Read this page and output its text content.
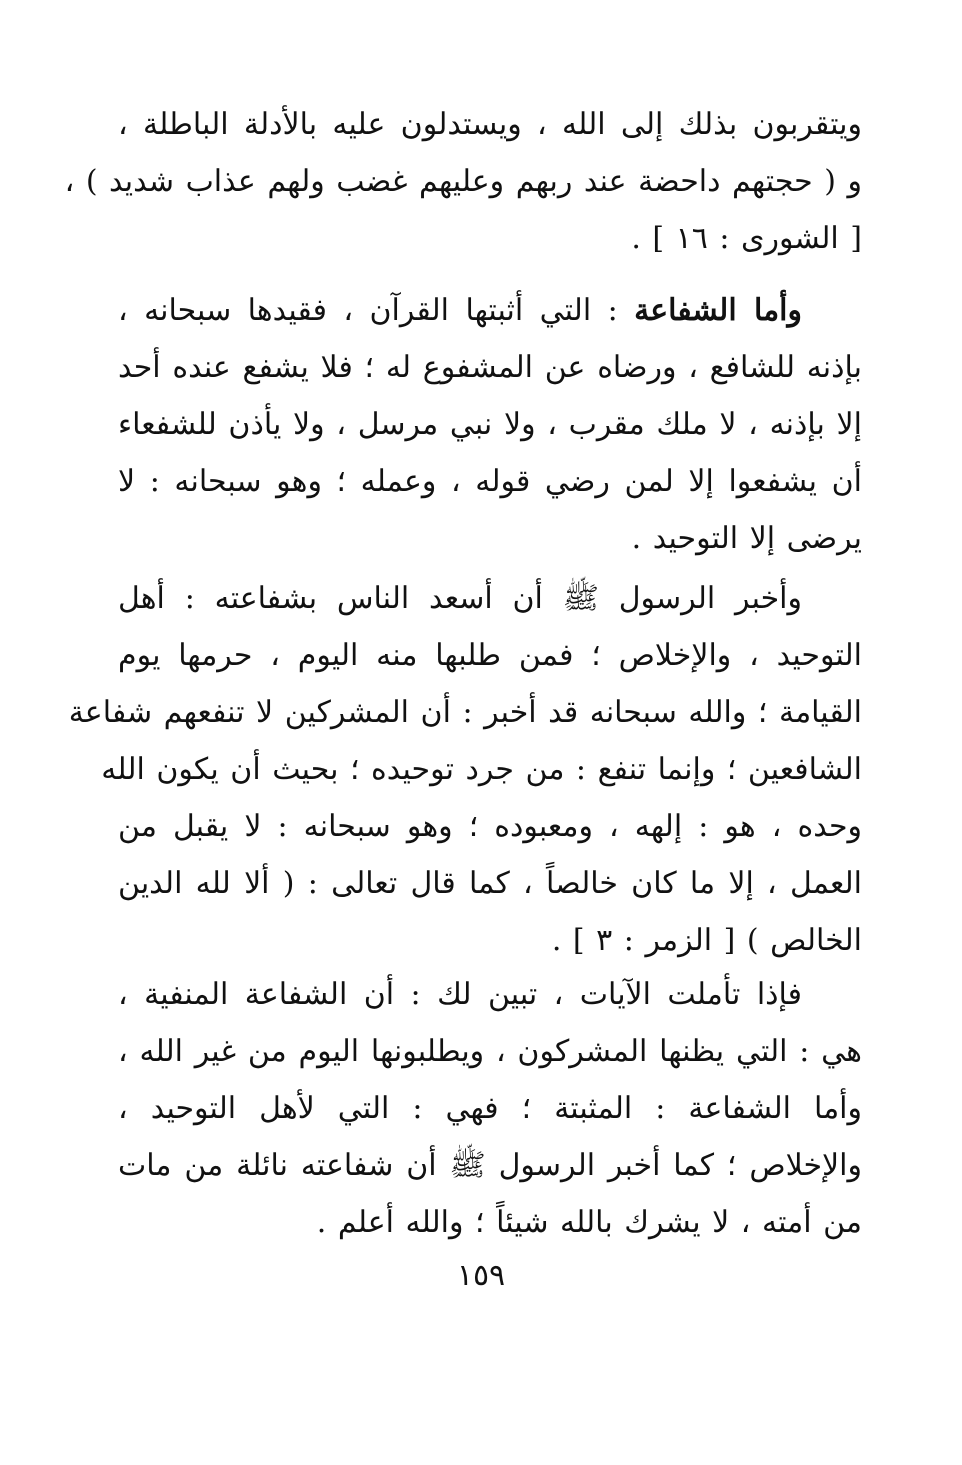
ويتقربون بذلك إلى الله ، ويستدلون عليه بالأدلة الباطلة ،
و ( حجتهم داحضة عند ربهم وعليهم غضب ولهم عذاب شديد ) ،
[ الشورى : ١٦ ] .
وأما الشفاعة : التي أثبتها القرآن ، فقيدها سبحانه ،
بإذنه للشافع ، ورضاه عن المشفوع له ؛ فلا يشفع عنده أحد
إلا بإذنه ، لا ملك مقرب ، ولا نبي مرسل ، ولا يأذن للشفعاء
أن يشفعوا إلا لمن رضي قوله ، وعمله ؛ وهو سبحانه : لا
يرضى إلا التوحيد .
وأخبر الرسول ﷺ أن أسعد الناس بشفاعته : أهل
التوحيد ، والإخلاص ؛ فمن طلبها منه اليوم ، حرمها يوم
القيامة ؛ والله سبحانه قد أخبر : أن المشركين لا تنفعهم شفاعة
الشافعين ؛ وإنما تنفع : من جرد توحيده ؛ بحيث أن يكون الله
وحده ، هو : إلهه ، ومعبوده ؛ وهو سبحانه : لا يقبل من
العمل ، إلا ما كان خالصاً ، كما قال تعالى : ( ألا لله الدين
الخالص ) [ الزمر : ٣ ] .
فإذا تأملت الآيات ، تبين لك : أن الشفاعة المنفية ،
هي : التي يظنها المشركون ، ويطلبونها اليوم من غير الله ،
وأما الشفاعة : المثبتة ؛ فهي : التي لأهل التوحيد ،
والإخلاص ؛ كما أخبر الرسول ﷺ أن شفاعته نائلة من مات
من أمته ، لا يشرك بالله شيئاً ؛ والله أعلم .
١٥٩
